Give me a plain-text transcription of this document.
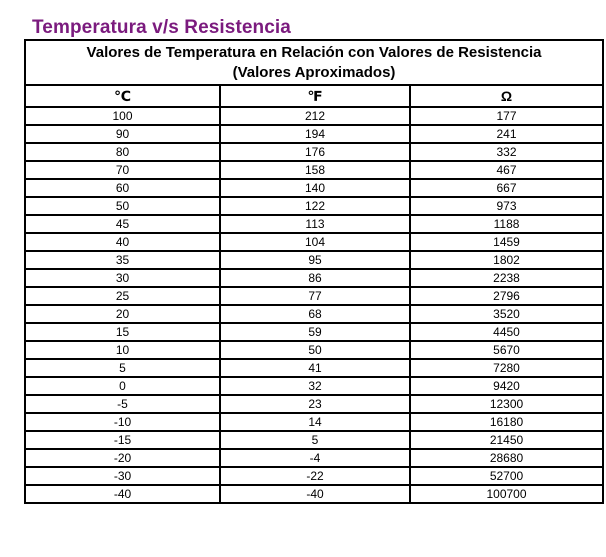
Temperatura v/s Resistencia
Valores de Temperatura en Relación con Valores de Resistencia
(Valores Aproximados)		

℃	℉	Ω
100	212	177
90	194	241
80	176	332
70	158	467
60	140	667
50	122	973
45	113	1188
40	104	1459
35	95	1802
30	86	2238
25	77	2796
20	68	3520
15	59	4450
10	50	5670
5	41	7280
0	32	9420
-5	23	12300
-10	14	16180
-15	5	21450
-20	-4	28680
-30	-22	52700
-40	-40	100700
